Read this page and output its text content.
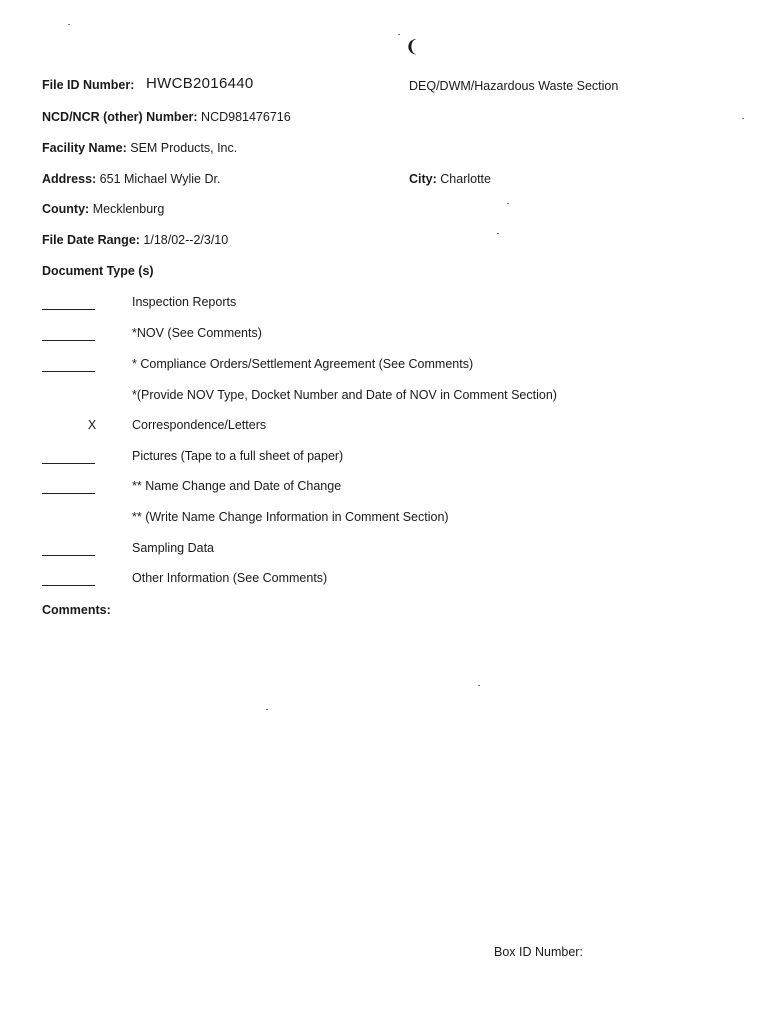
❨
File ID Number: HWCB2016440	DEQ/DWM/Hazardous Waste Section
NCD/NCR (other) Number: NCD981476716
Facility Name: SEM Products, Inc.
Address: 651 Michael Wylie Dr.	City: Charlotte
County: Mecklenburg
File Date Range: 1/18/02--2/3/10
Document Type (s)
Inspection Reports
*NOV (See Comments)
* Compliance Orders/Settlement Agreement (See Comments)
*(Provide NOV Type, Docket Number and Date of NOV in Comment Section)
X	Correspondence/Letters
Pictures (Tape to a full sheet of paper)
** Name Change and Date of Change
** (Write Name Change Information in Comment Section)
Sampling Data
Other Information (See Comments)
Comments:
Box ID Number:
